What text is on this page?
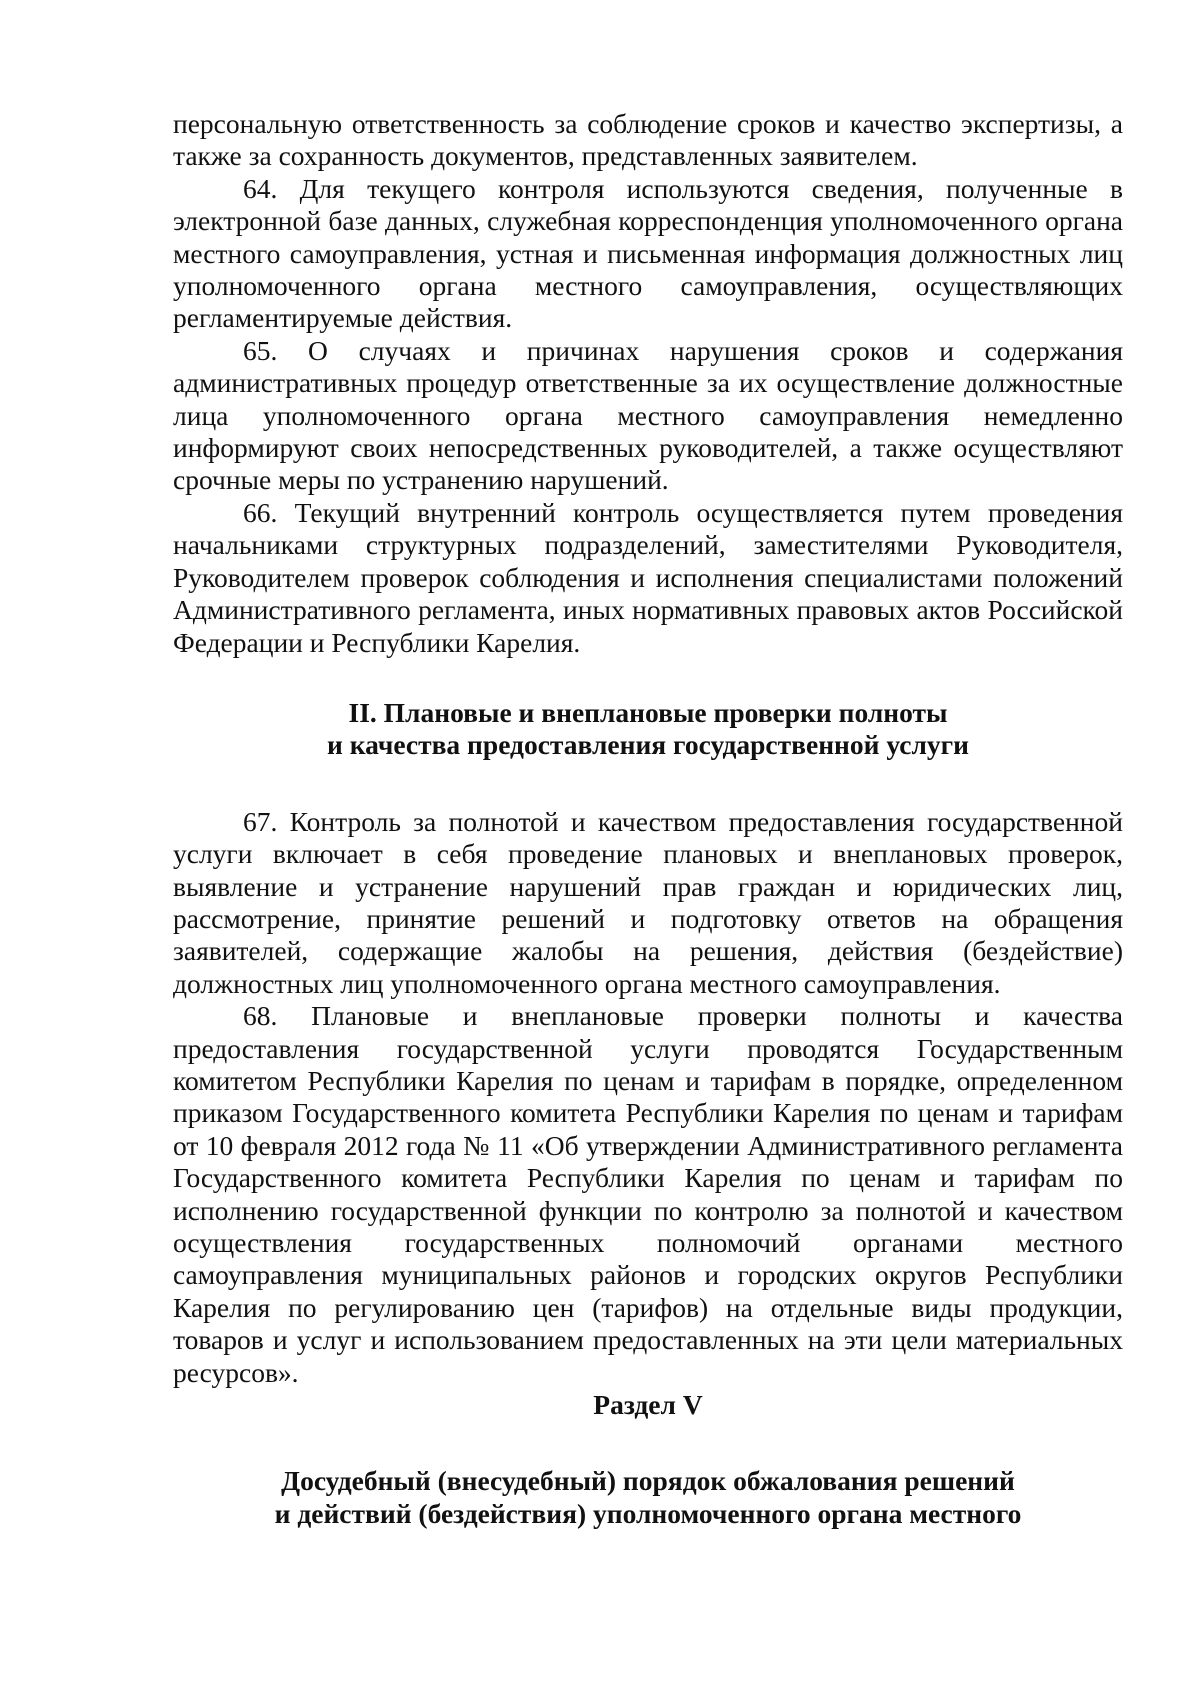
персональную ответственность за соблюдение сроков и качество экспертизы, а также за сохранность документов, представленных заявителем.

64. Для текущего контроля используются сведения, полученные в электронной базе данных, служебная корреспонденция уполномоченного органа местного самоуправления, устная и письменная информация должностных лиц уполномоченного органа местного самоуправления, осуществляющих регламентируемые действия.

65. О случаях и причинах нарушения сроков и содержания административных процедур ответственные за их осуществление должностные лица уполномоченного органа местного самоуправления немедленно информируют своих непосредственных руководителей, а также осуществляют срочные меры по устранению нарушений.

66. Текущий внутренний контроль осуществляется путем проведения начальниками структурных подразделений, заместителями Руководителя, Руководителем проверок соблюдения и исполнения специалистами положений Административного регламента, иных нормативных правовых актов Российской Федерации и Республики Карелия.

II. Плановые и внеплановые проверки полноты
и качества предоставления государственной услуги

67. Контроль за полнотой и качеством предоставления государственной услуги включает в себя проведение плановых и внеплановых проверок, выявление и устранение нарушений прав граждан и юридических лиц, рассмотрение, принятие решений и подготовку ответов на обращения заявителей, содержащие жалобы на решения, действия (бездействие) должностных лиц уполномоченного органа местного самоуправления.

68. Плановые и внеплановые проверки полноты и качества предоставления государственной услуги проводятся Государственным комитетом Республики Карелия по ценам и тарифам в порядке, определенном приказом Государственного комитета Республики Карелия по ценам и тарифам от 10 февраля 2012 года № 11 «Об утверждении Административного регламента Государственного комитета Республики Карелия по ценам и тарифам по исполнению государственной функции по контролю за полнотой и качеством осуществления государственных полномочий органами местного самоуправления муниципальных районов и городских округов Республики Карелия по регулированию цен (тарифов) на отдельные виды продукции, товаров и услуг и использованием предоставленных на эти цели материальных ресурсов».

Раздел V
Досудебный (внесудебный) порядок обжалования решений
и действий (бездействия) уполномоченного органа местного
